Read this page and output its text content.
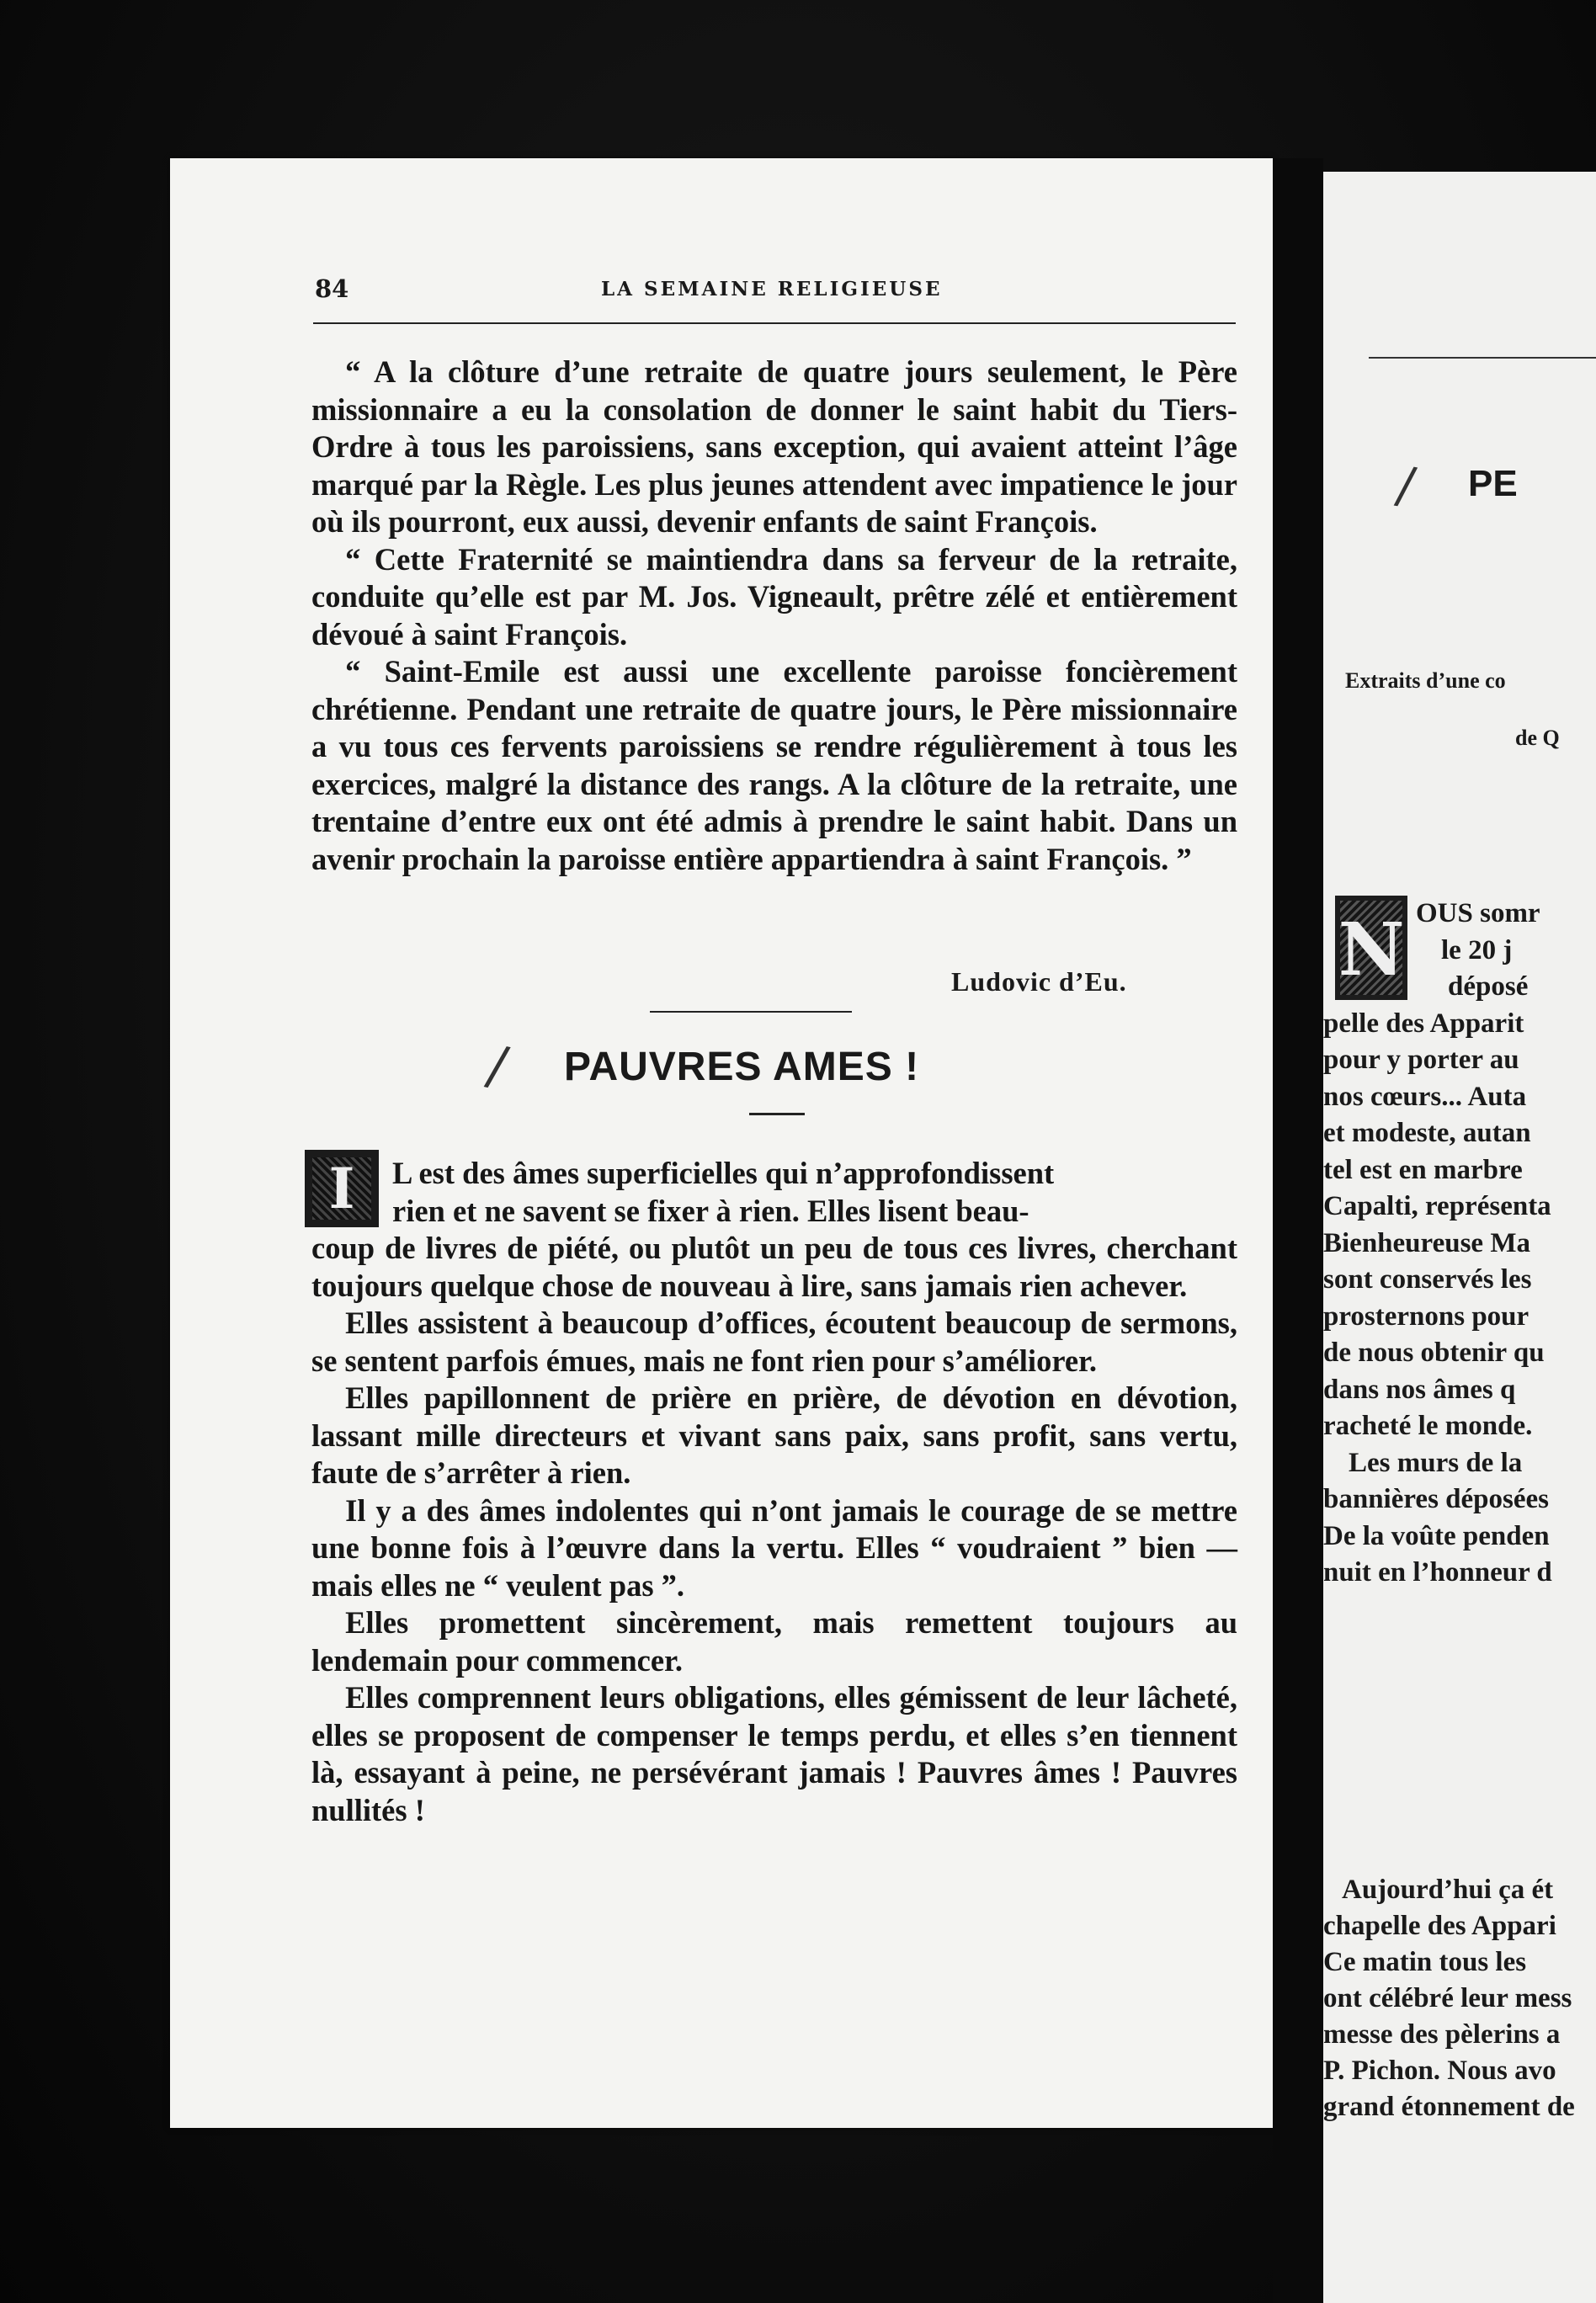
84	LA SEMAINE RELIGIEUSE

“ A la clôture d’une retraite de quatre jours seulement, le Père missionnaire a eu la consolation de donner le saint habit du Tiers-Ordre à tous les paroissiens, sans exception, qui avaient atteint l’âge marqué par la Règle. Les plus jeunes attendent avec impatience le jour où ils pourront, eux aussi, devenir enfants de saint François.

“ Cette Fraternité se maintiendra dans sa ferveur de la retraite, conduite qu’elle est par M. Jos. Vigneault, prêtre zélé et entièrement dévoué à saint François.

“ Saint-Emile est aussi une excellente paroisse foncièrement chrétienne. Pendant une retraite de quatre jours, le Père missionnaire a vu tous ces fervents paroissiens se rendre régulièrement à tous les exercices, malgré la distance des rangs. A la clôture de la retraite, une trentaine d’entre eux ont été admis à prendre le saint habit. Dans un avenir prochain la paroisse entière appartiendra à saint François. ”

Ludovic d’Eu.
/ PAUVRES AMES !
I	L est des âmes superficielles qui n’approfondissent
rien et ne savent se fixer à rien. Elles lisent beau-
coup de livres de piété, ou plutôt un peu de tous ces livres, cherchant toujours quelque chose de nouveau à lire, sans jamais rien achever.

Elles assistent à beaucoup d’offices, écoutent beaucoup de sermons, se sentent parfois émues, mais ne font rien pour s’améliorer.

Elles papillonnent de prière en prière, de dévotion en dévotion, lassant mille directeurs et vivant sans paix, sans profit, sans vertu, faute de s’arrêter à rien.

Il y a des âmes indolentes qui n’ont jamais le courage de se mettre une bonne fois à l’œuvre dans la vertu. Elles “ voudraient ” bien — mais elles ne “ veulent pas ”.

Elles promettent sincèrement, mais remettent toujours au lendemain pour commencer.

Elles comprennent leurs obligations, elles gémissent de leur lâcheté, elles se proposent de compenser le temps perdu, et elles s’en tiennent là, essayant à peine, ne persévérant jamais ! Pauvres âmes ! Pauvres nullités !

/ PE
Extraits d’une co
de Q
N OUS somr
le 20 j
déposé
pelle des Apparit
pour y porter au
nos cœurs... Auta
et modeste, autan
tel est en marbre
Capalti, représenta
Bienheureuse Ma
sont conservés les
prosternons pour
de nous obtenir qu
dans nos âmes q
racheté le monde.
Les murs de la
bannières déposées
De la voûte penden
nuit en l’honneur d
Aujourd’hui ça ét
chapelle des Appari
Ce matin tous les
ont célébré leur mess
messe des pèlerins a
P. Pichon. Nous avo
grand étonnement de
